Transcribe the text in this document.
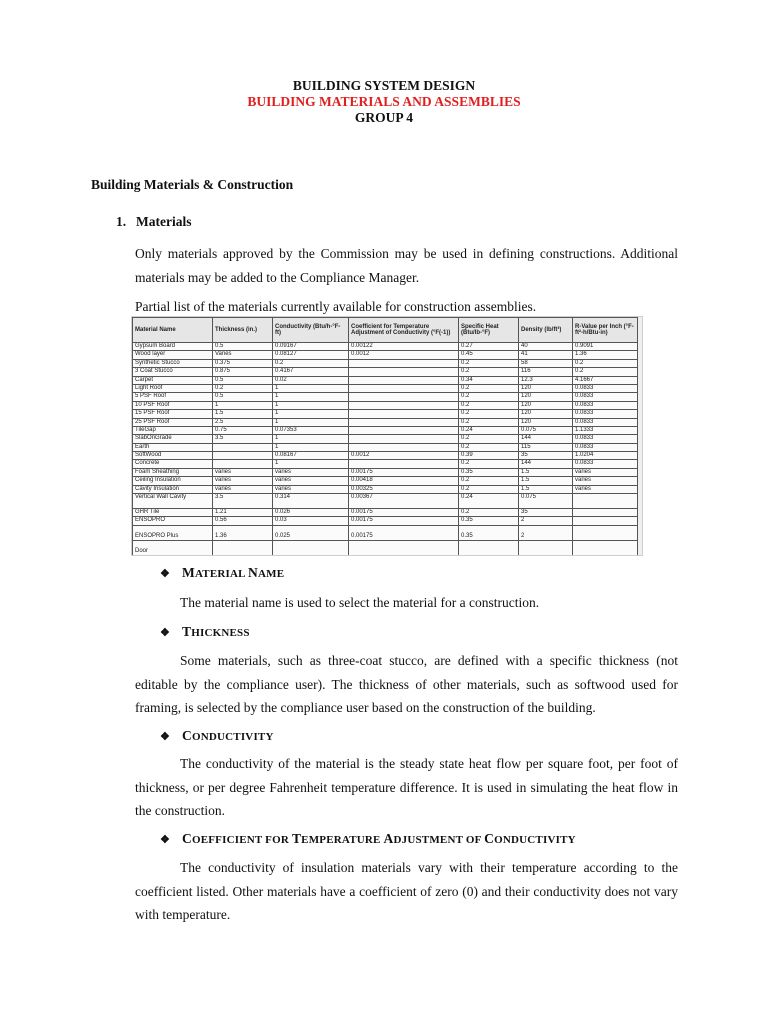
BUILDING SYSTEM DESIGN
BUILDING MATERIALS AND ASSEMBLIES
GROUP 4
Building Materials & Construction
1. Materials
Only materials approved by the Commission may be used in defining constructions. Additional materials may be added to the Compliance Manager.
Partial list of the materials currently available for construction assemblies.
Material Name	Thickness (in.)	Conductivity (Btu/h-°F-ft)	Coefficient for Temperature Adjustment of Conductivity (°F(-1))	Specific Heat (Btu/lb-°F)	Density (lb/ft³)	R-Value per Inch (°F-ft²-h/Btu-in)
Gypsum Board	0.5	0.09167	0.00122	0.27	40	0.9091
Wood layer	Varies	0.08127	0.0012	0.45	41	1.36
Synthetic Stucco	0.375	0.2		0.2	58	0.2
3 Coat Stucco	0.875	0.4167		0.2	116	0.2
Carpet	0.5	0.02		0.34	12.3	4.1667
Light Roof	0.2	1		0.2	120	0.0833
5 PSF Roof	0.5	1		0.2	120	0.0833
10 PSF Roof	1	1		0.2	120	0.0833
15 PSF Roof	1.5	1		0.2	120	0.0833
25 PSF Roof	2.5	1		0.2	120	0.0833
TileGap	0.75	0.07353		0.24	0.075	1.1333
SlabOnGrade	3.5	1		0.2	144	0.0833
Earth		1		0.2	115	0.0833
SoftWood		0.08167	0.0012	0.39	35	1.0204
Concrete		1		0.2	144	0.0833
Foam Sheathing	varies	varies	0.00175	0.35	1.5	varies
Ceiling Insulation	varies	varies	0.00418	0.2	1.5	varies
Cavity Insulation	varies	varies	0.00325	0.2	1.5	varies
Vertical Wall Cavity	3.5	0.314	0.00367	0.24	0.075	
GHR Tile	1.21	0.026	0.00175	0.2	35	
ENSOPRO	0.56	0.03	0.00175	0.35	2	
ENSOPRO Plus	1.36	0.025	0.00175	0.35	2	
Door						
❖ MATERIAL NAME
The material name is used to select the material for a construction.
❖ THICKNESS
Some materials, such as three-coat stucco, are defined with a specific thickness (not editable by the compliance user). The thickness of other materials, such as softwood used for framing, is selected by the compliance user based on the construction of the building.
❖ CONDUCTIVITY
The conductivity of the material is the steady state heat flow per square foot, per foot of thickness, or per degree Fahrenheit temperature difference. It is used in simulating the heat flow in the construction.
❖ COEFFICIENT FOR TEMPERATURE ADJUSTMENT OF CONDUCTIVITY
The conductivity of insulation materials vary with their temperature according to the coefficient listed. Other materials have a coefficient of zero (0) and their conductivity does not vary with temperature.
